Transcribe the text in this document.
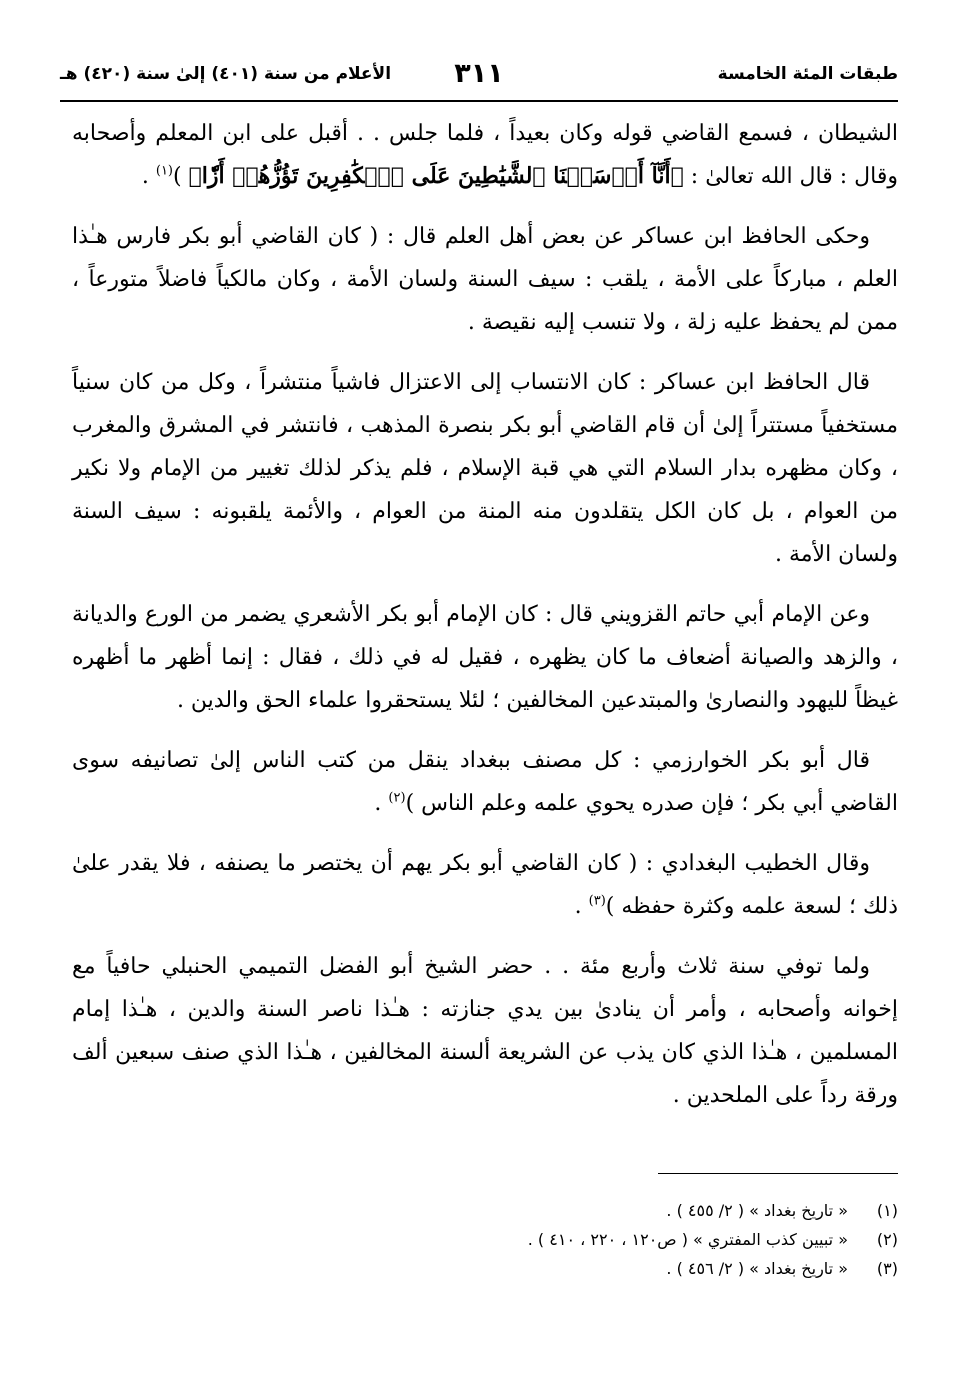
طبقات المئة الخامسة
٣١١
الأعلام من سنة (٤٠١) إلىٰ سنة (٤٢٠) هـ

الشيطان ، فسمع القاضي قوله وكان بعيداً ، فلما جلس . . أقبل على ابن المعلم وأصحابه وقال : قال الله تعالىٰ : ﴿أَنَّآ أَرۡسَلۡنَا ٱلشَّيَٰطِينَ عَلَى ٱلۡكَٰفِرِينَ تَؤُزُّهُمۡ أَزّٗا﴾ )$^{(١)}$ .

وحكى الحافظ ابن عساكر عن بعض أهل العلم قال : ( كان القاضي أبو بكر فارس هـٰذا العلم ، مباركاً على الأمة ، يلقب : سيف السنة ولسان الأمة ، وكان مالكياً فاضلاً متورعاً ، ممن لم يحفظ عليه زلة ، ولا تنسب إليه نقيصة .

قال الحافظ ابن عساكر : كان الانتساب إلى الاعتزال فاشياً منتشراً ، وكل من كان سنياً مستخفياً مستتراً إلىٰ أن قام القاضي أبو بكر بنصرة المذهب ، فانتشر في المشرق والمغرب ، وكان مظهره بدار السلام التي هي قبة الإسلام ، فلم يذكر لذلك تغيير من الإمام ولا نكير من العوام ، بل كان الكل يتقلدون منه المنة من العوام ، والأئمة يلقبونه : سيف السنة ولسان الأمة .

وعن الإمام أبي حاتم القزويني قال : كان الإمام أبو بكر الأشعري يضمر من الورع والديانة ، والزهد والصيانة أضعاف ما كان يظهره ، فقيل له في ذلك ، فقال : إنما أظهر ما أظهره غيظاً لليهود والنصارىٰ والمبتدعين المخالفين ؛ لئلا يستحقروا علماء الحق والدين .

قال أبو بكر الخوارزمي : كل مصنف ببغداد ينقل من كتب الناس إلىٰ تصانيفه سوى القاضي أبي بكر ؛ فإن صدره يحوي علمه وعلم الناس )$^{(٢)}$ .

وقال الخطيب البغدادي : ( كان القاضي أبو بكر يهم أن يختصر ما يصنفه ، فلا يقدر علىٰ ذلك ؛ لسعة علمه وكثرة حفظه )$^{(٣)}$ .

ولما توفي سنة ثلاث وأربع مئة . . حضر الشيخ أبو الفضل التميمي الحنبلي حافياً مع إخوانه وأصحابه ، وأمر أن ينادىٰ بين يدي جنازته : هـٰذا ناصر السنة والدين ، هـٰذا إمام المسلمين ، هـٰذا الذي كان يذب عن الشريعة ألسنة المخالفين ، هـٰذا الذي صنف سبعين ألف ورقة رداً على الملحدين .

(١)
« تاريخ بغداد » ( ٢/ ٤٥٥ ) .
(٢)
« تبيين كذب المفتري » ( ص١٢٠ ، ٢٢٠ ، ٤١٠ ) .
(٣)
« تاريخ بغداد » ( ٢/ ٤٥٦ ) .
